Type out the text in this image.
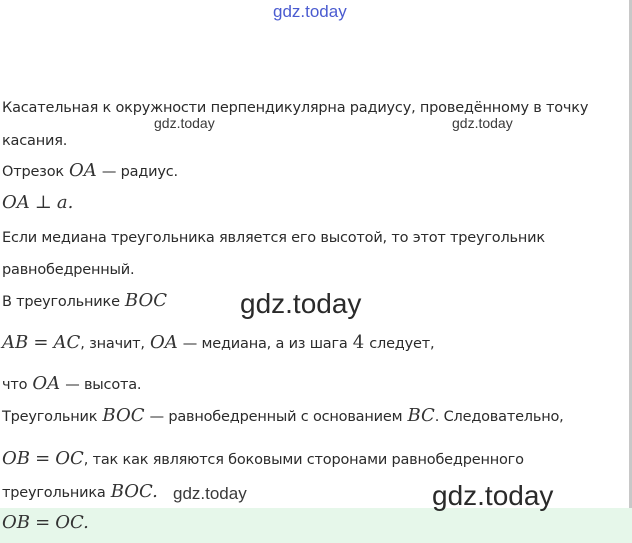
gdz.today
Касательная к окружности перпендикулярна радиусу, проведённому в точку
gdz.today	gdz.today
касания.
Отрезок OA — радиус.
OA ⊥ a.
Если медиана треугольника является его высотой, то этот треугольник
равнобедренный.
В треугольнике BOC	gdz.today
AB = AC, значит, OA — медиана, а из шага 4 следует,
что OA — высота.
Треугольник BOC — равнобедренный с основанием BC. Следовательно,
OB = OC, так как являются боковыми сторонами равнобедренного
треугольника BOC. gdz.today
OB = OC.
gdz.today
